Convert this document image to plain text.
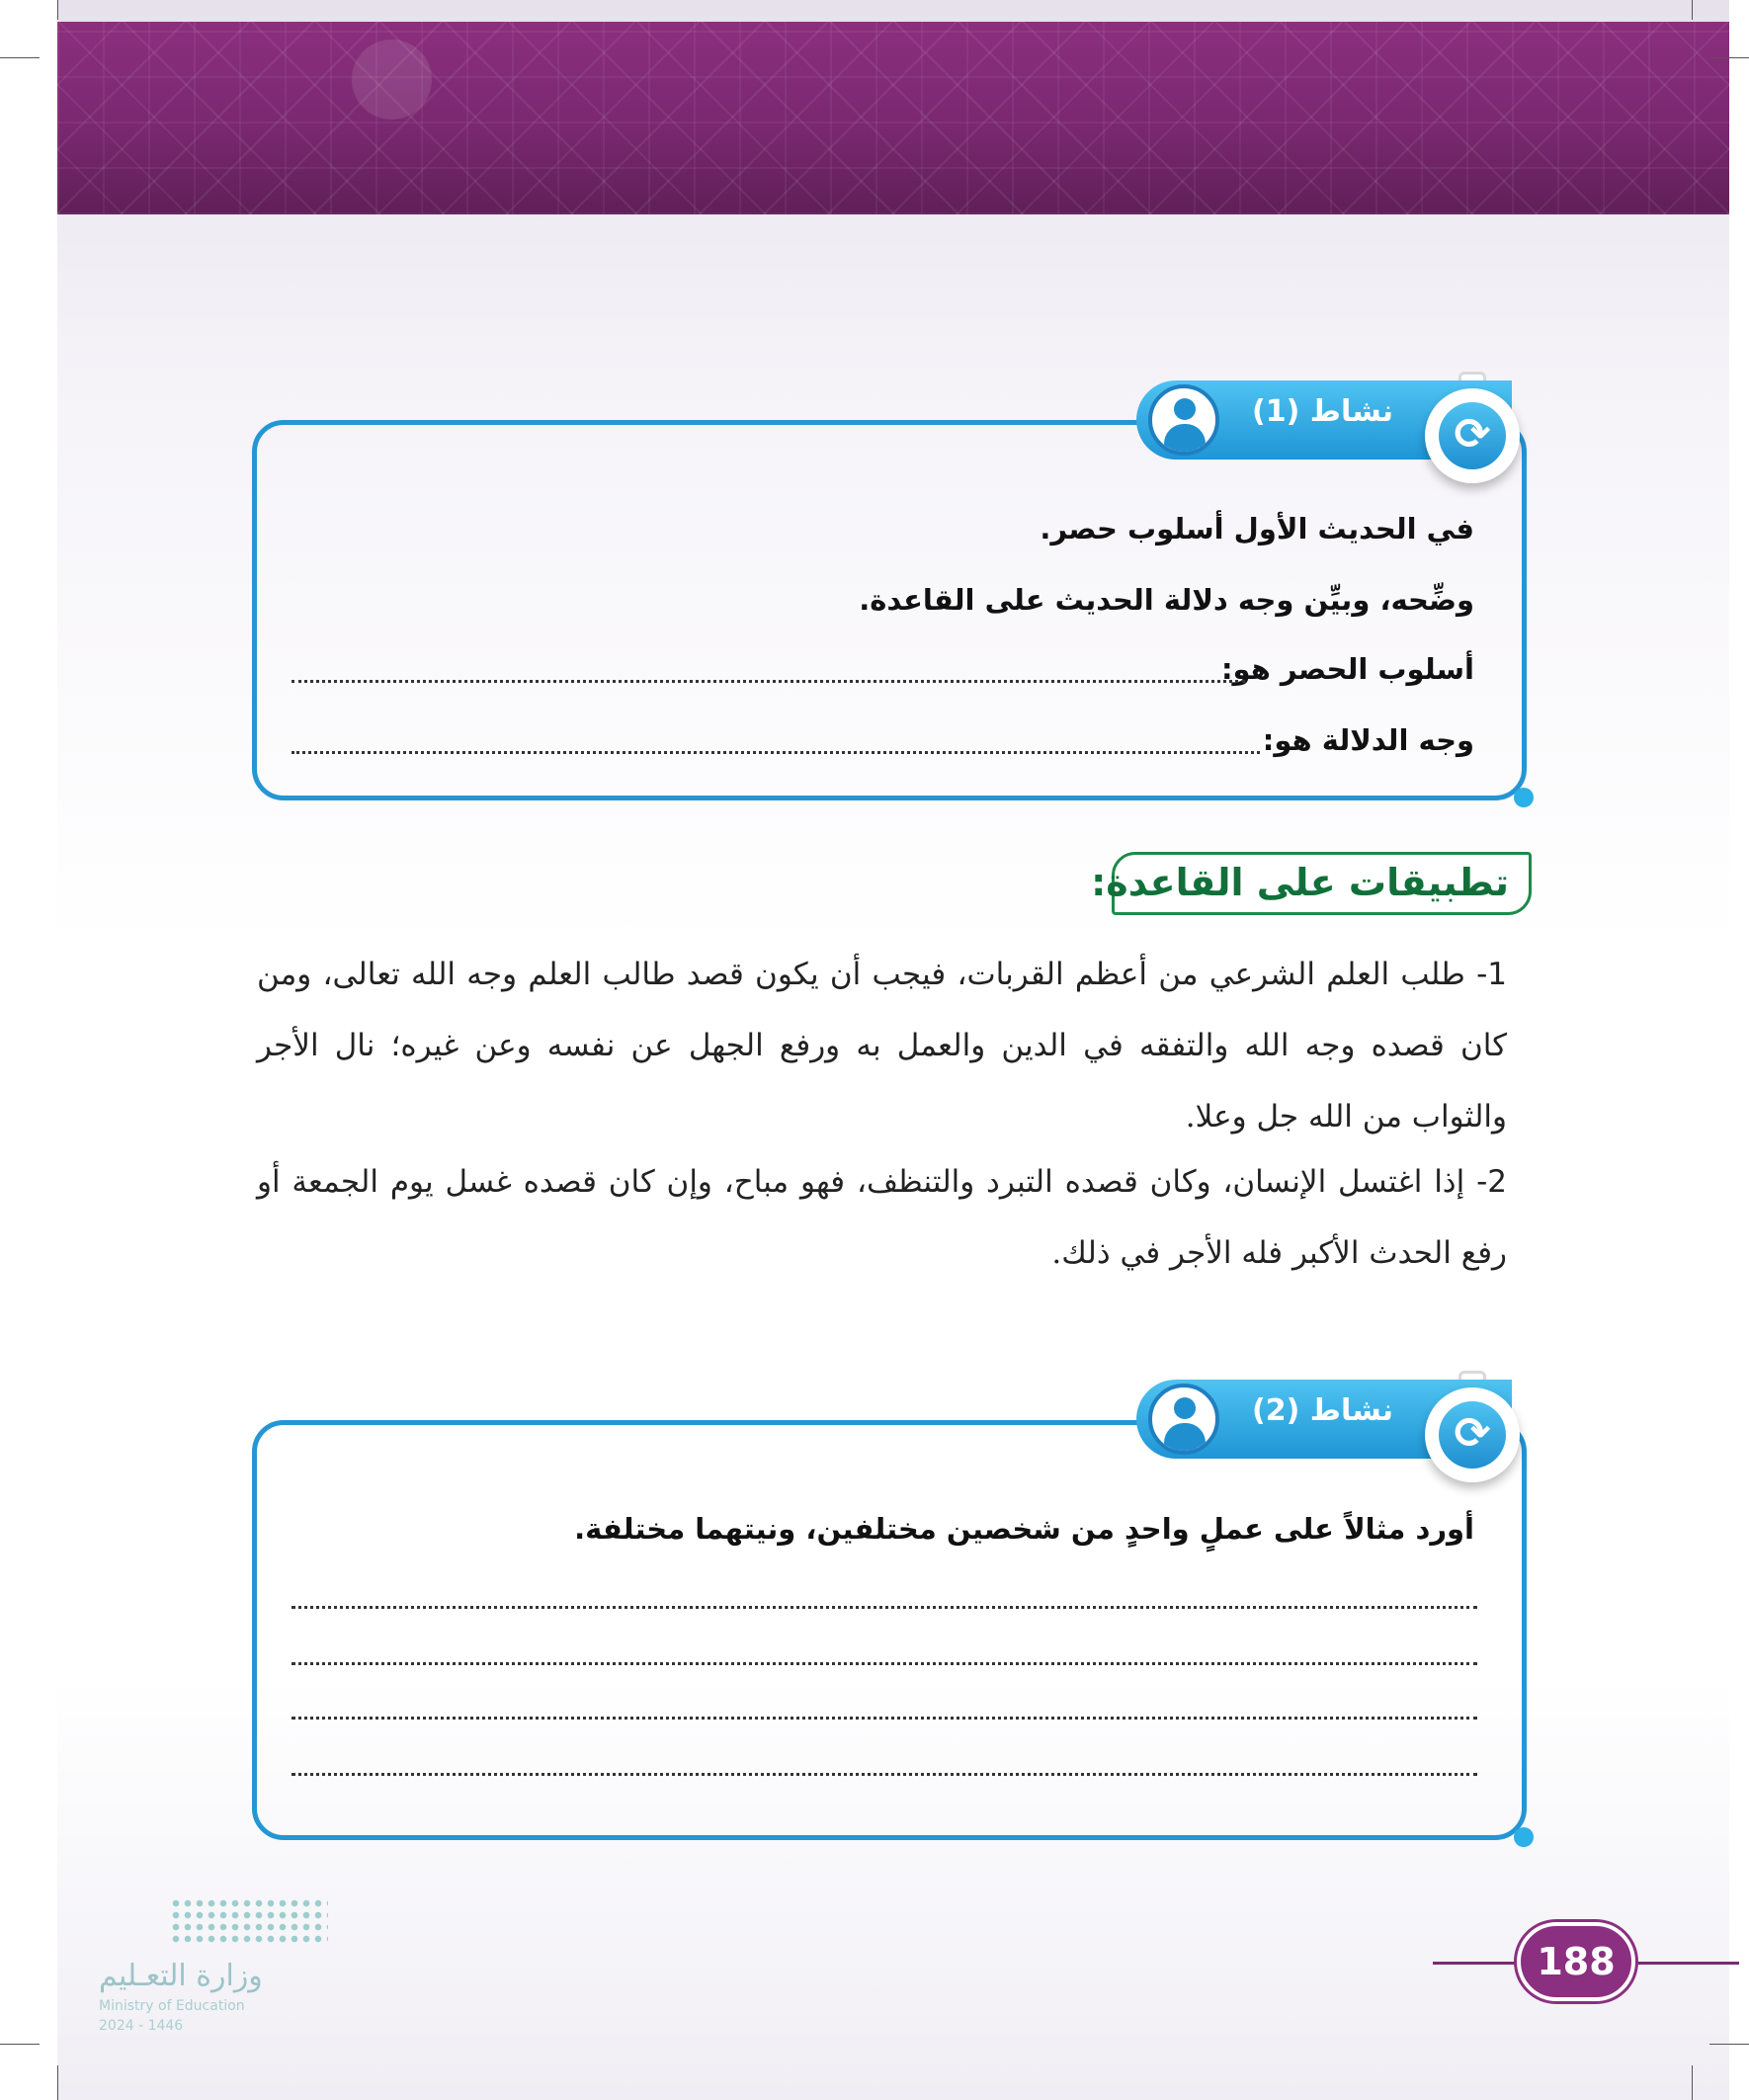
نشاط (1)	⟳
في الحديث الأول أسلوب حصر.
وضِّحه، وبيِّن وجه دلالة الحديث على القاعدة.
أسلوب الحصر هو:
وجه الدلالة هو:
تطبيقات على القاعدة:
1- طلب العلم الشرعي من أعظم القربات، فيجب أن يكون قصد طالب العلم وجه الله تعالى، ومن كان قصده وجه الله والتفقه في الدين والعمل به ورفع الجهل عن نفسه وعن غيره؛ نال الأجر والثواب من الله جل وعلا.
2- إذا اغتسل الإنسان، وكان قصده التبرد والتنظف، فهو مباح، وإن كان قصده غسل يوم الجمعة أو رفع الحدث الأكبر فله الأجر في ذلك.
نشاط (2)	⟳
أورد مثالاً على عملٍ واحدٍ من شخصين مختلفين، ونيتهما مختلفة.
وزارة التعـليم
Ministry of Education
2024 - 1446
188
